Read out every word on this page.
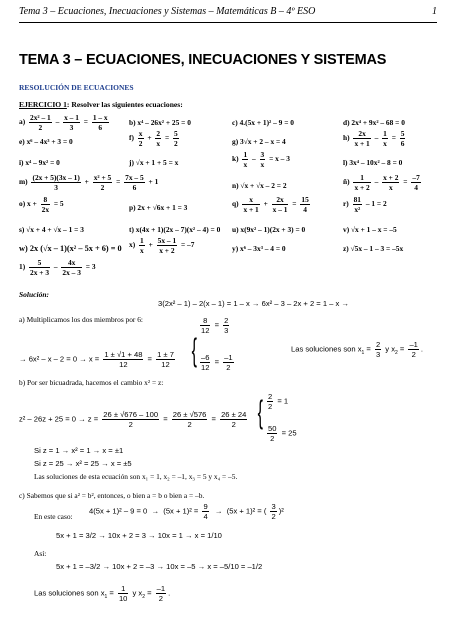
Tema 3 – Ecuaciones, Inecuaciones y Sistemas – Matemáticas B – 4º ESO	1
TEMA 3 – ECUACIONES, INECUACIONES Y SISTEMAS
RESOLUCIÓN DE ECUACIONES
EJERCICIO 1: Resolver las siguientes ecuaciones:
$a) \frac{\text{2x² – 1}}{2} - \frac{x - 1}{3} = \frac{1 - x}{6}$	b) x⁴ – 26x² + 25 = 0	c) 4.(5x + 1)² – 9 = 0	d) 2x⁴ + 9x² – 68 = 0
e) x⁶ – 4x³ + 3 = 0	$f) \frac{x}{2} + \frac{2}{x} = \frac{5}{2}$	g) 3√x + 2 – x = 4	$h) \frac{2x}{x + 1} - \frac{1}{x} = \frac{5}{6}$
i) x⁴ – 9x² = 0	j) √x + 1 + 5 = x	$k) \frac{1}{x} - \frac{3}{x} = x - 3$	l) 3x⁴ – 10x² – 8 = 0
$m) \frac{(2x + 5)(3x - 1)}{3} + \frac{\text{x² + 5}}{2} = \frac{7x - 5}{6} + 1$	n) √x + √x – 2 = 2	ñ) $\frac{1}{x + 2} - \frac{x + 2}{x} = \frac{-7}{4}$
o) $x + \frac{8}{2x} = 5$	p) 2x + √6x + 1 = 3	$q) \frac{x}{x + 1} + \frac{2x}{x - 1} = \frac{15}{4}$	$r) \frac{81}{\text{x²}} - 1 = 2$
s) √x + 4 + √x – 1 = 3	t) x(4x + 1)(2x – 7)(x² – 4) = 0 u) x(9x² – 1)(2x + 3) = 0	v) √x + 1 – x = –5
w) 2x (√x – 1)(x² – 5x + 6) = 0 $x) \frac{1}{x} + \frac{5x - 1}{x + 2} = -7$	y) x⁶ – 3x³ – 4 = 0	z) √5x – 1 – 3 = –5x
$1) \frac{5}{2x + 3} - \frac{4x}{2x - 3} = 3$
Solución:
a) Multiplicamos los dos miembros por 6:
3(2x² – 1) – 2(x – 1) = 1 – x → 6x² – 3 – 2x + 2 = 1 – x →
→ $6x^2 - x - 2 = 0 \to x = \frac{1 \pm √1 + 48}{12} = \frac{1 \pm 7}{12}$ {
$\frac{8}{12} = \frac{2}{3}$
$\frac{-6}{12} = \frac{-1}{2}$
Las soluciones son $x_1 = \frac{2}{3}$ y $x_2 = \frac{-1}{2}$ .
b) Por ser bicuadrada, hacemos el cambio x² = z:
$z^2 - 26z + 25 = 0 \to z = \frac{26 \pm √676 - 100}{2} = \frac{26 \pm √576}{2} = \frac{26 \pm 24}{2}$ { $\frac{2}{2} = 1$
$\frac{50}{2} = 25$
Si z = 1 → x² = 1 → x = ±1
Si z = 25 → x² = 25 → x = ±5
Las soluciones de esta ecuación son x₁ = 1, x₂ = –1, x₃ = 5 y x₄ = –5.
c) Sabemos que si a² = b², entonces, o bien a = b o bien a = –b.
En este caso:
$4(5x + 1)^2 - 9 = 0 \to (5x + 1)^2 = \frac{9}{4} \to (5x + 1)^2$ = ( $\frac{3}{2} )^2$
Así:
5x + 1 = 3/2 → 10x + 2 = 3 → 10x = 1 → x = 1/10
5x + 1 = –3/2 → 10x + 2 = –3 → 10x = –5 → x = –5/10 = –1/2
Las soluciones son $x_1 = \frac{1}{10}$ y $x_2 = \frac{-1}{2}$ .
